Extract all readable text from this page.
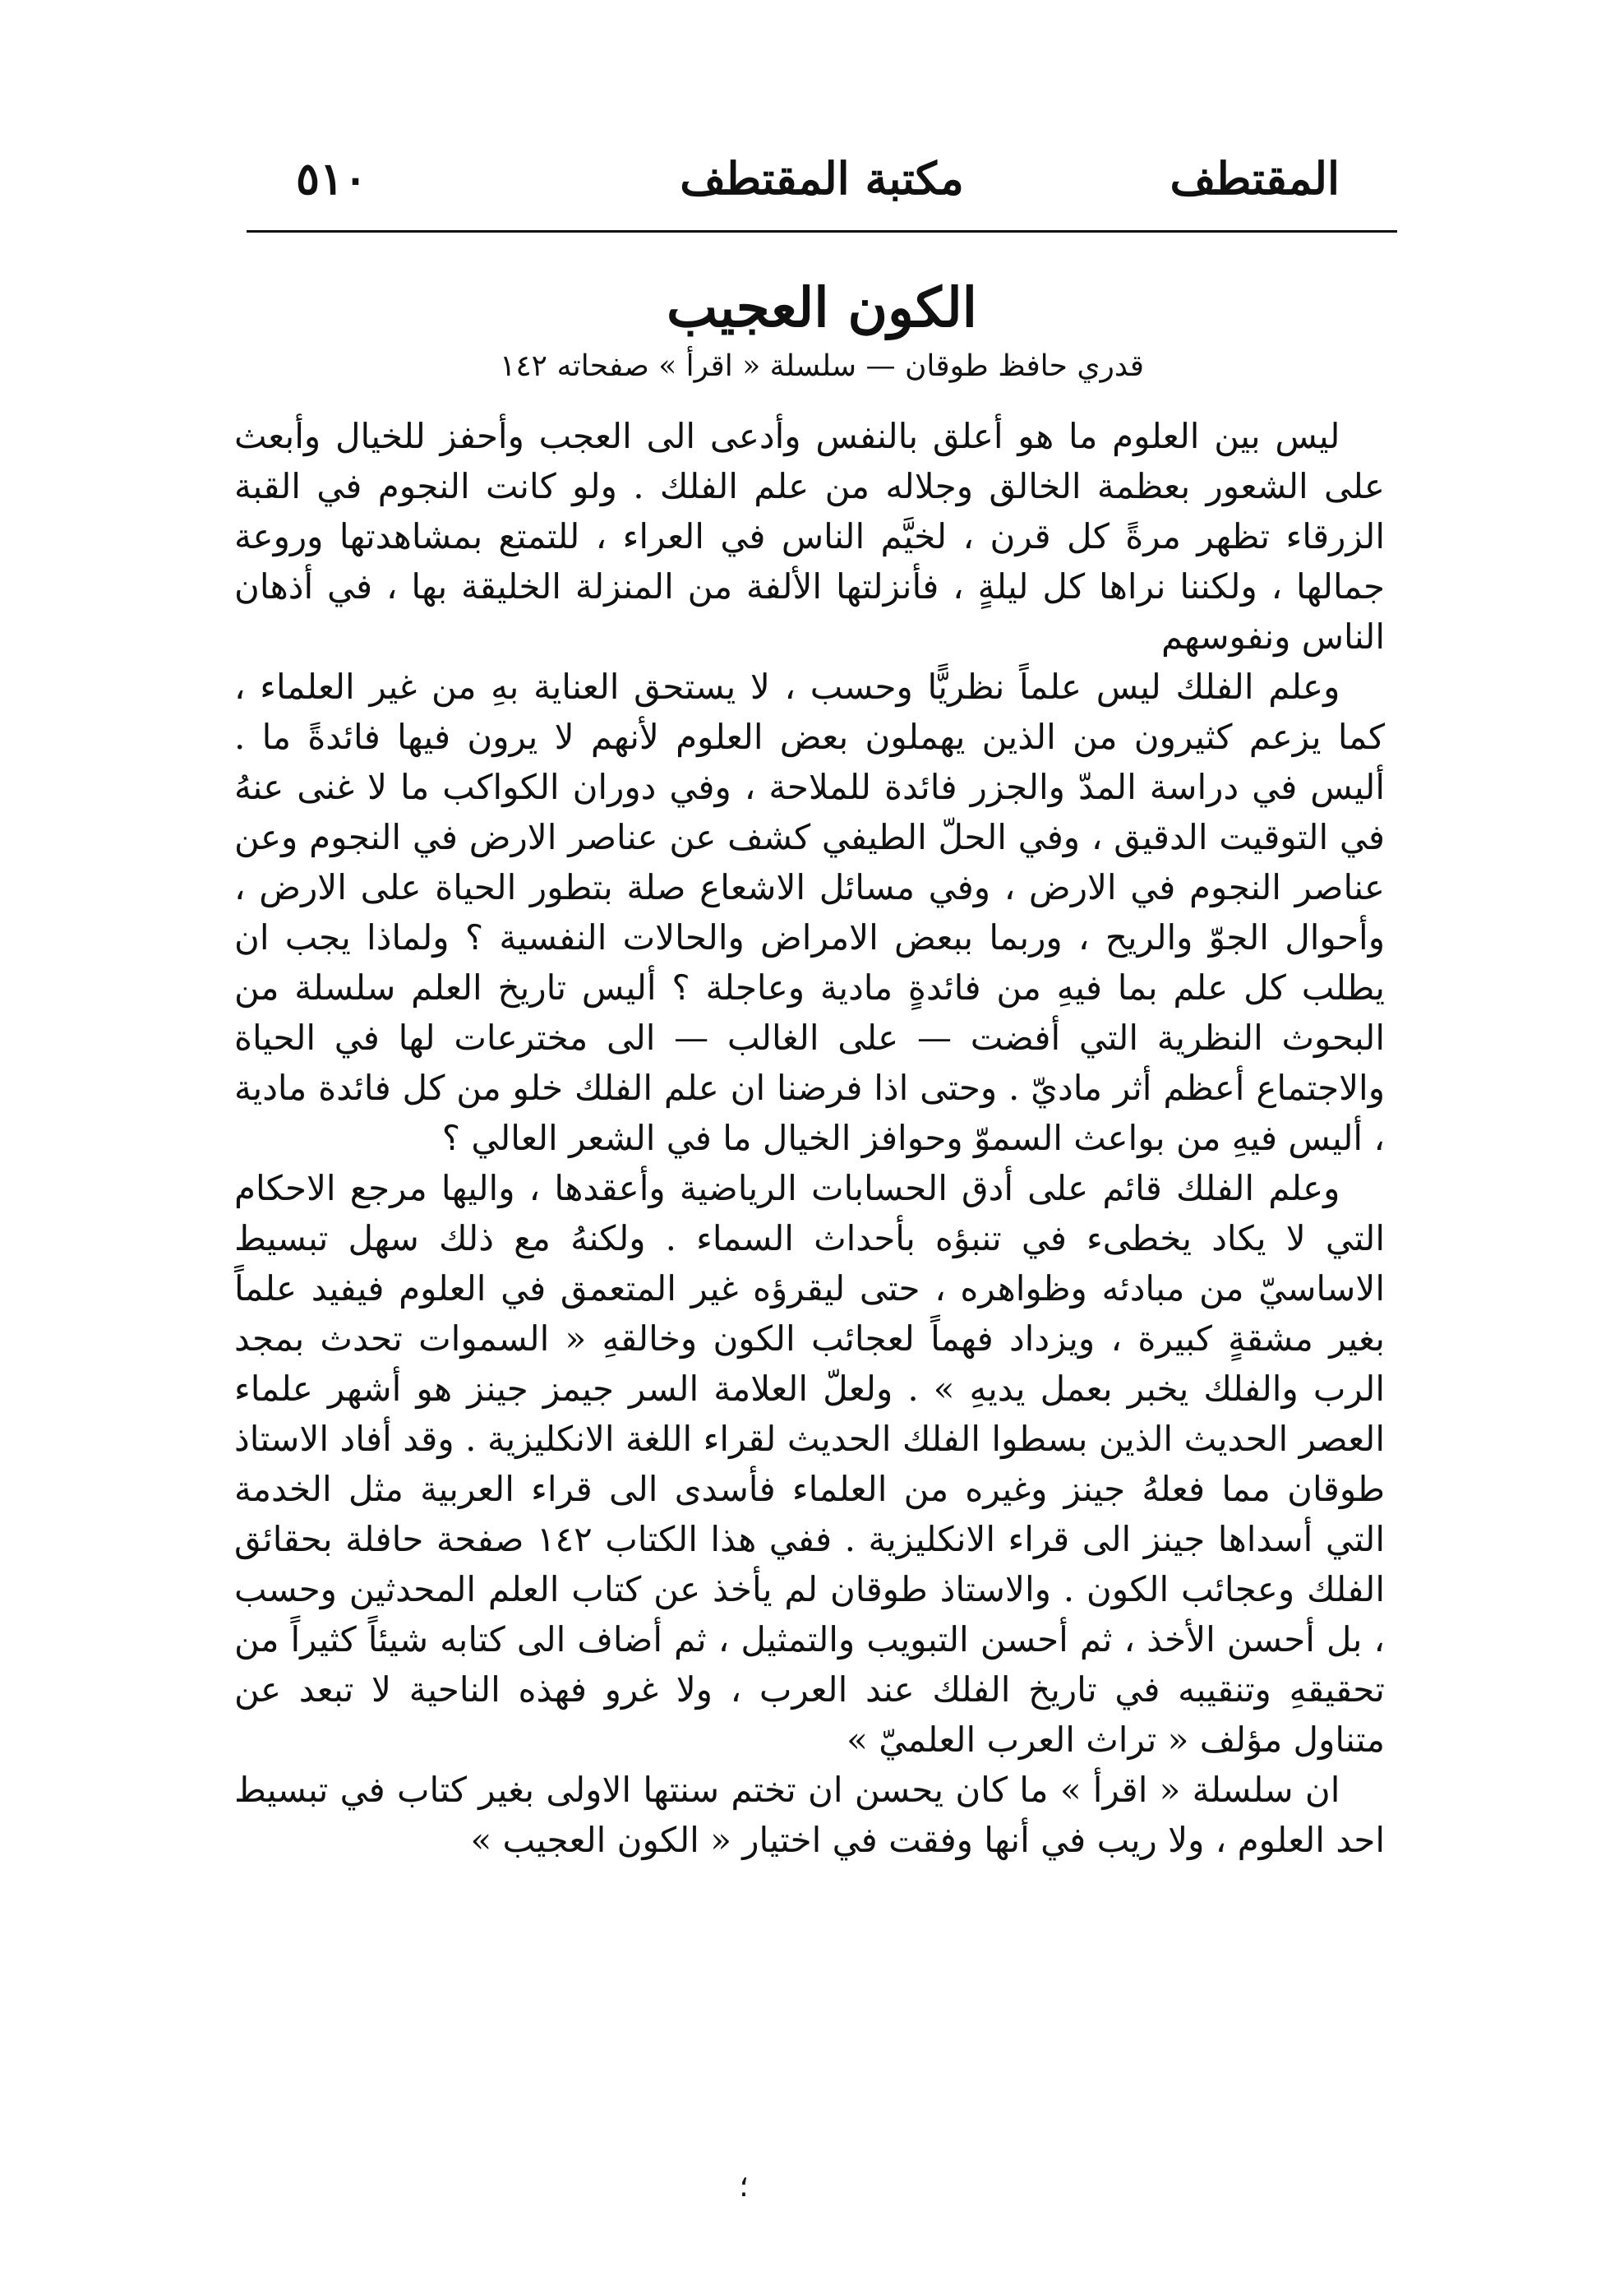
٥١٠	مكتبة المقتطف	المقتطف
الكون العجيب
قدري حافظ طوقان — سلسلة « اقرأ » صفحاته ١٤٢

ليس بين العلوم ما هو أعلق بالنفس وأدعى الى العجب وأحفز للخيال وأبعث على الشعور بعظمة الخالق وجلاله من علم الفلك . ولو كانت النجوم في القبة الزرقاء تظهر مرةً كل قرن ، لخيَّم الناس في العراء ، للتمتع بمشاهدتها وروعة جمالها ، ولكننا نراها كل ليلةٍ ، فأنزلتها الألفة من المنزلة الخليقة بها ، في أذهان الناس ونفوسهم

وعلم الفلك ليس علماً نظريًّا وحسب ، لا يستحق العناية بهِ من غير العلماء ، كما يزعم كثيرون من الذين يهملون بعض العلوم لأنهم لا يرون فيها فائدةً ما . أليس في دراسة المدّ والجزر فائدة للملاحة ، وفي دوران الكواكب ما لا غنى عنهُ في التوقيت الدقيق ، وفي الحلّ الطيفي كشف عن عناصر الارض في النجوم وعن عناصر النجوم في الارض ، وفي مسائل الاشعاع صلة بتطور الحياة على الارض ، وأحوال الجوّ والريح ، وربما ببعض الامراض والحالات النفسية ؟ ولماذا يجب ان يطلب كل علم بما فيهِ من فائدةٍ مادية وعاجلة ؟ أليس تاريخ العلم سلسلة من البحوث النظرية التي أفضت — على الغالب — الى مخترعات لها في الحياة والاجتماع أعظم أثر ماديّ . وحتى اذا فرضنا ان علم الفلك خلو من كل فائدة مادية ، أليس فيهِ من بواعث السموّ وحوافز الخيال ما في الشعر العالي ؟

وعلم الفلك قائم على أدق الحسابات الرياضية وأعقدها ، واليها مرجع الاحكام التي لا يكاد يخطىء في تنبؤه بأحداث السماء . ولكنهُ مع ذلك سهل تبسيط الاساسيّ من مبادئه وظواهره ، حتى ليقرؤه غير المتعمق في العلوم فيفيد علماً بغير مشقةٍ كبيرة ، ويزداد فهماً لعجائب الكون وخالقهِ « السموات تحدث بمجد الرب والفلك يخبر بعمل يديهِ » . ولعلّ العلامة السر جيمز جينز هو أشهر علماء العصر الحديث الذين بسطوا الفلك الحديث لقراء اللغة الانكليزية . وقد أفاد الاستاذ طوقان مما فعلهُ جينز وغيره من العلماء فأسدى الى قراء العربية مثل الخدمة التي أسداها جينز الى قراء الانكليزية . ففي هذا الكتاب ١٤٢ صفحة حافلة بحقائق الفلك وعجائب الكون . والاستاذ طوقان لم يأخذ عن كتاب العلم المحدثين وحسب ، بل أحسن الأخذ ، ثم أحسن التبويب والتمثيل ، ثم أضاف الى كتابه شيئاً كثيراً من تحقيقهِ وتنقيبه في تاريخ الفلك عند العرب ، ولا غرو فهذه الناحية لا تبعد عن متناول مؤلف « تراث العرب العلميّ »

ان سلسلة « اقرأ » ما كان يحسن ان تختم سنتها الاولى بغير كتاب في تبسيط احد العلوم ، ولا ريب في أنها وفقت في اختيار « الكون العجيب »

؛
